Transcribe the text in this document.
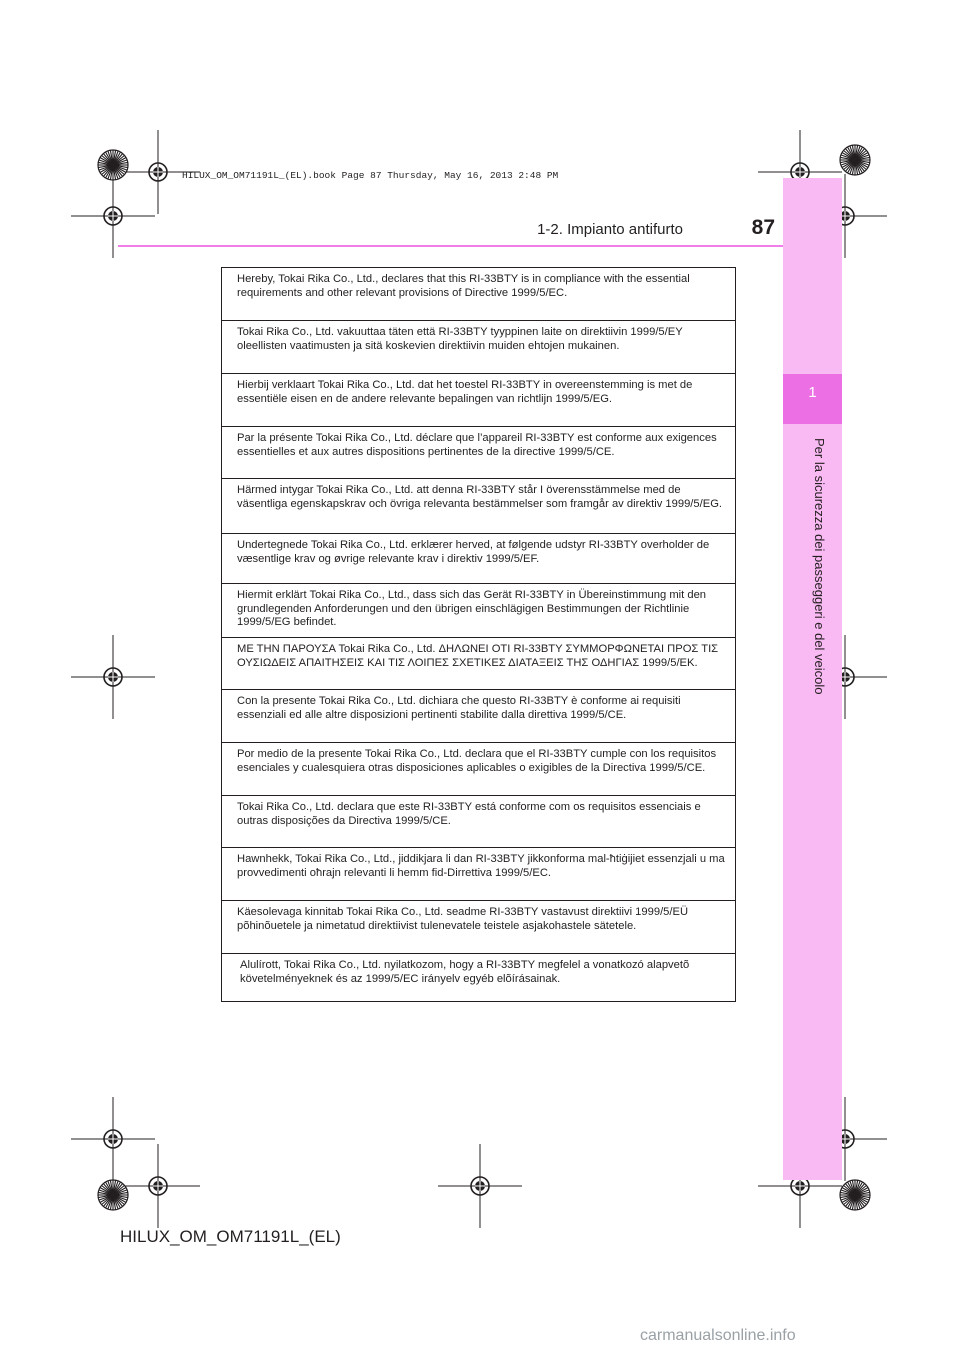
HILUX_OM_OM71191L_(EL).book Page 87 Thursday, May 16, 2013 2:48 PM
1
Per la sicurezza dei passeggeri e del veicolo
1-2. Impianto antifurto	87
Hereby, Tokai Rika Co., Ltd., declares that this RI-33BTY is in compliance with the essential requirements and other relevant provisions of Directive 1999/5/EC.
Tokai Rika Co., Ltd. vakuuttaa täten että RI-33BTY tyyppinen laite on direktiivin 1999/5/EY oleellisten vaatimusten ja sitä koskevien direktiivin muiden ehtojen mukainen.
Hierbij verklaart Tokai Rika Co., Ltd. dat het toestel RI-33BTY in overeenstemming is met de essentiële eisen en de andere relevante bepalingen van richtlijn 1999/5/EG.
Par la présente Tokai Rika Co., Ltd. déclare que l’appareil RI-33BTY est conforme aux exigences essentielles et aux autres dispositions pertinentes de la directive 1999/5/CE.
Härmed intygar Tokai Rika Co., Ltd. att denna RI-33BTY står I överensstämmelse med de väsentliga egenskapskrav och övriga relevanta bestämmelser som framgår av direktiv 1999/5/EG.
Undertegnede Tokai Rika Co., Ltd. erklærer herved, at følgende udstyr RI-33BTY overholder de væsentlige krav og øvrige relevante krav i direktiv 1999/5/EF.
Hiermit erklärt Tokai Rika Co., Ltd., dass sich das Gerät RI-33BTY in Übereinstimmung mit den grundlegenden Anforderungen und den übrigen einschlägigen Bestimmungen der Richtlinie 1999/5/EG befindet.
ΜΕ ΤΗΝ ΠΑΡΟΥΣΑ Tokai Rika Co., Ltd. ΔΗΛΩΝΕΙ ΟΤΙ RI-33BTY ΣΥΜΜΟΡΦΩΝΕΤΑΙ ΠΡΟΣ ΤΙΣ ΟΥΣΙΩΔΕΙΣ ΑΠΑΙΤΗΣΕΙΣ ΚΑΙ ΤΙΣ ΛΟΙΠΕΣ ΣΧΕΤΙΚΕΣ ΔΙΑΤΑΞΕΙΣ ΤΗΣ ΟΔΗΓΙΑΣ 1999/5/ΕΚ.
Con la presente Tokai Rika Co., Ltd. dichiara che questo RI-33BTY è conforme ai requisiti essenziali ed alle altre disposizioni pertinenti stabilite dalla direttiva 1999/5/CE.
Por medio de la presente Tokai Rika Co., Ltd. declara que el RI-33BTY cumple con los requisitos esenciales y cualesquiera otras disposiciones aplicables o exigibles de la Directiva 1999/5/CE.
Tokai Rika Co., Ltd. declara que este RI-33BTY está conforme com os requisitos essenciais e outras disposições da Directiva 1999/5/CE.
Hawnhekk, Tokai Rika Co., Ltd., jiddikjara li dan RI-33BTY jikkonforma mal-ħtiġijiet essenzjali u ma provvedimenti oħrajn relevanti li hemm fid-Dirrettiva 1999/5/EC.
Käesolevaga kinnitab Tokai Rika Co., Ltd. seadme RI-33BTY vastavust direktiivi 1999/5/EÜ põhinõuetele ja nimetatud direktiivist tulenevatele teistele asjakohastele sätetele.
Alulírott, Tokai Rika Co., Ltd. nyilatkozom, hogy a RI-33BTY megfelel a vonatkozó alapvetõ követelményeknek és az 1999/5/EC irányelv egyéb elõírásainak.
HILUX_OM_OM71191L_(EL)
carmanualsonline.info
